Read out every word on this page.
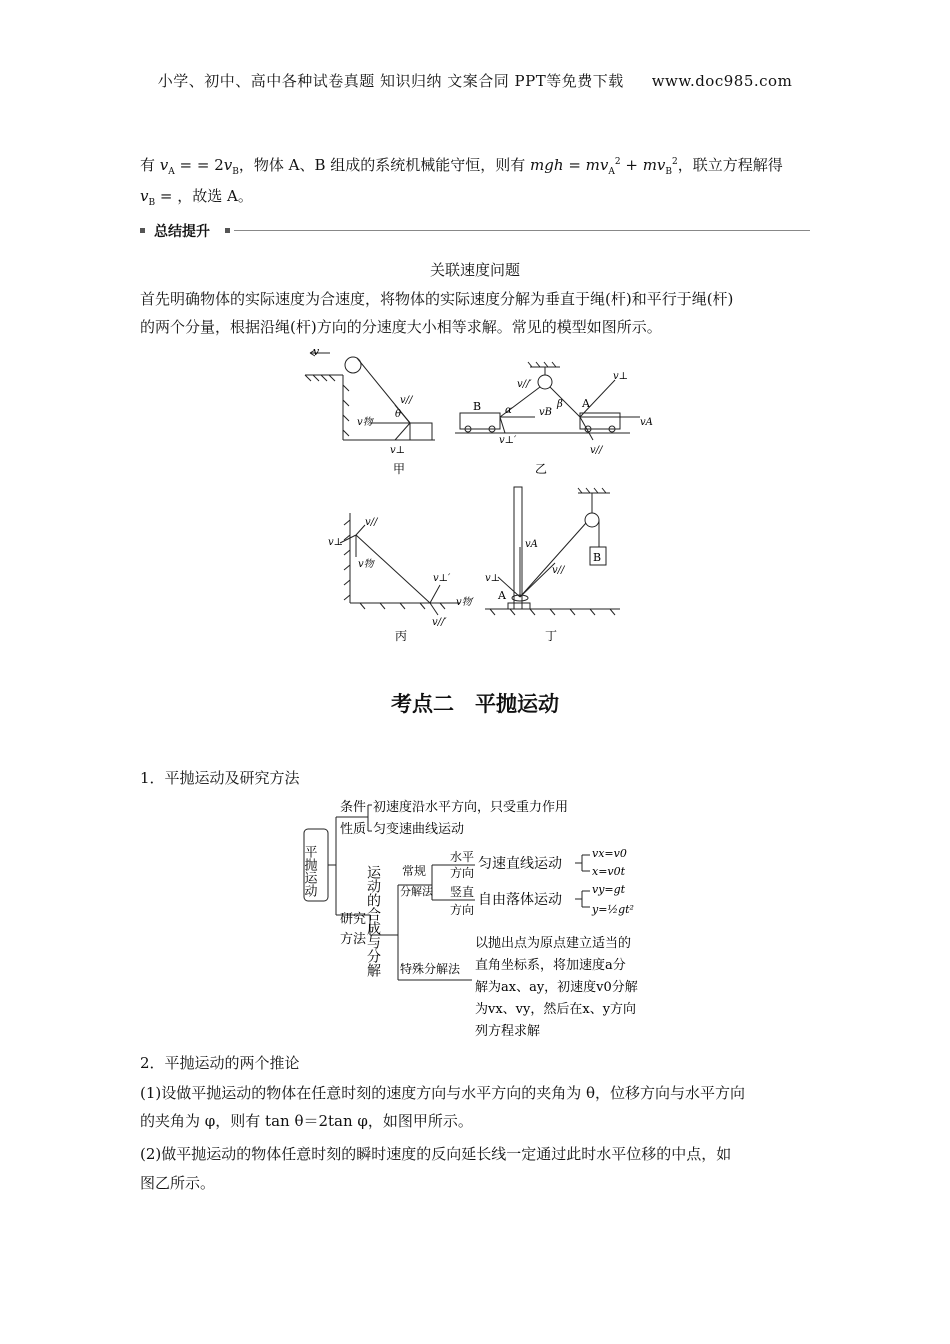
小学、初中、高中各种试卷真题 知识归纳 文案合同 PPT等免费下载 www.doc985.com
有 $v_A$ = = $2v_B$，物体 A、B 组成的系统机械能守恒，则有 mgh = $mv_A^2 + mv_B^2$，联立方程解得
$v_B$ = ，故选 A。
总结提升
关联速度问题
首先明确物体的实际速度为合速度，将物体的实际速度分解为垂直于绳(杆)和平行于绳(杆)
的两个分量，根据沿绳(杆)方向的分速度大小相等求解。常见的模型如图所示。
v
v//
v物
θ
v⊥
甲
B α	vB
v//′
β A
vA
v⊥
v⊥′
v//
乙
v⊥
v//
v物
v⊥′
v物′
v//′
丙
B
vA
v//
v⊥
A
丁
考点二　平抛运动
1．平抛运动及研究方法
平抛运动
条件 初速度沿水平方向，只受重力作用
性质 匀变速曲线运动
研究
方法
运动的合成与分解 常规
分解法
水平
方向
匀速直线运动
vx=v0
x=v0t
竖直
方向
自由落体运动
vy=gt
y=½gt²
特殊分解法
以抛出点为原点建立适当的
直角坐标系，将加速度a分
解为ax、ay，初速度v0分解
为vx、vy，然后在x、y方向
列方程求解
2．平抛运动的两个推论
(1)设做平抛运动的物体在任意时刻的速度方向与水平方向的夹角为 θ，位移方向与水平方向
的夹角为 φ，则有 tan θ＝2tan φ，如图甲所示。
(2)做平抛运动的物体任意时刻的瞬时速度的反向延长线一定通过此时水平位移的中点，如
图乙所示。
